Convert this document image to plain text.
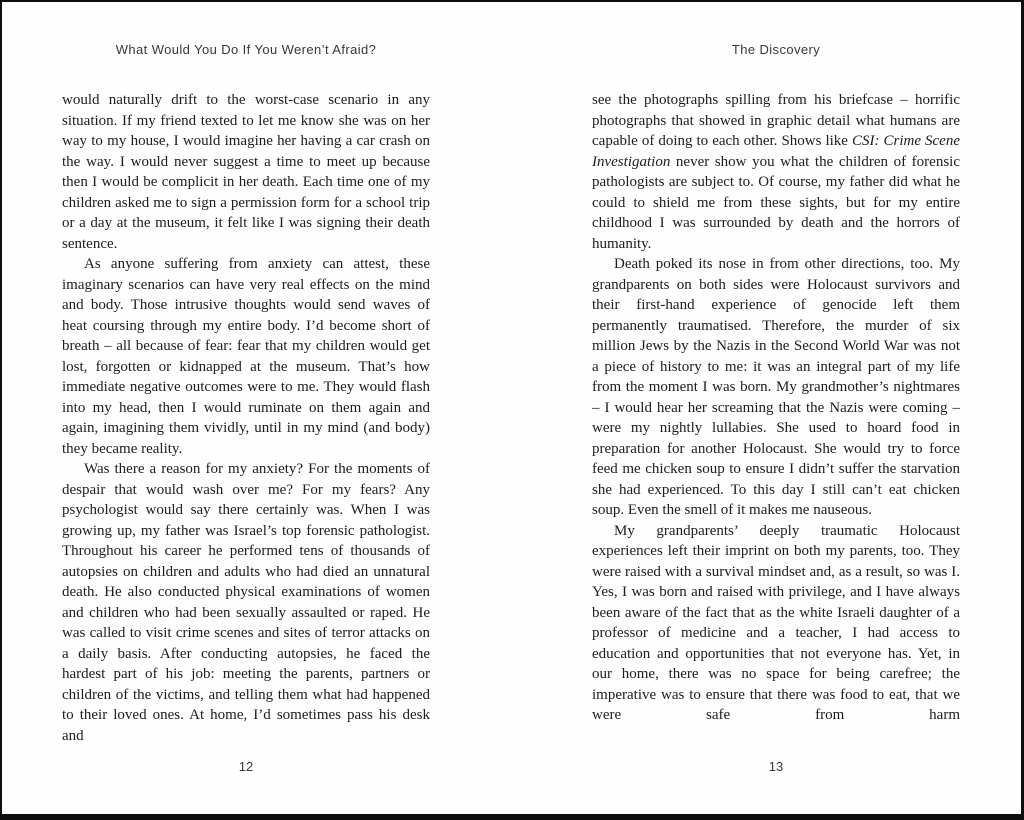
What Would You Do If You Weren’t Afraid?

would naturally drift to the worst-case scenario in any situation. If my friend texted to let me know she was on her way to my house, I would imagine her having a car crash on the way. I would never suggest a time to meet up because then I would be complicit in her death. Each time one of my children asked me to sign a permission form for a school trip or a day at the museum, it felt like I was signing their death sentence.

As anyone suffering from anxiety can attest, these imaginary scenarios can have very real effects on the mind and body. Those intrusive thoughts would send waves of heat coursing through my entire body. I’d become short of breath – all because of fear: fear that my children would get lost, forgotten or kidnapped at the museum. That’s how immediate negative outcomes were to me. They would flash into my head, then I would ruminate on them again and again, imagining them vividly, until in my mind (and body) they became reality.

Was there a reason for my anxiety? For the moments of despair that would wash over me? For my fears? Any psychologist would say there certainly was. When I was growing up, my father was Israel’s top forensic pathologist. Throughout his career he performed tens of thousands of autopsies on children and adults who had died an unnatural death. He also conducted physical examinations of women and children who had been sexually assaulted or raped. He was called to visit crime scenes and sites of terror attacks on a daily basis. After conducting autopsies, he faced the hardest part of his job: meeting the parents, partners or children of the victims, and telling them what had happened to their loved ones. At home, I’d sometimes pass his desk and

12
The Discovery

see the photographs spilling from his briefcase – horrific photographs that showed in graphic detail what humans are capable of doing to each other. Shows like CSI: Crime Scene Investigation never show you what the children of forensic pathologists are subject to. Of course, my father did what he could to shield me from these sights, but for my entire childhood I was surrounded by death and the horrors of humanity.

Death poked its nose in from other directions, too. My grandparents on both sides were Holocaust survivors and their first-hand experience of genocide left them permanently traumatised. Therefore, the murder of six million Jews by the Nazis in the Second World War was not a piece of history to me: it was an integral part of my life from the moment I was born. My grandmother’s nightmares – I would hear her screaming that the Nazis were coming – were my nightly lullabies. She used to hoard food in preparation for another Holocaust. She would try to force feed me chicken soup to ensure I didn’t suffer the starvation she had experienced. To this day I still can’t eat chicken soup. Even the smell of it makes me nauseous.

My grandparents’ deeply traumatic Holocaust experiences left their imprint on both my parents, too. They were raised with a survival mindset and, as a result, so was I. Yes, I was born and raised with privilege, and I have always been aware of the fact that as the white Israeli daughter of a professor of medicine and a teacher, I had access to education and opportunities that not everyone has. Yet, in our home, there was no space for being carefree; the imperative was to ensure that there was food to eat, that we were safe from harm

13
